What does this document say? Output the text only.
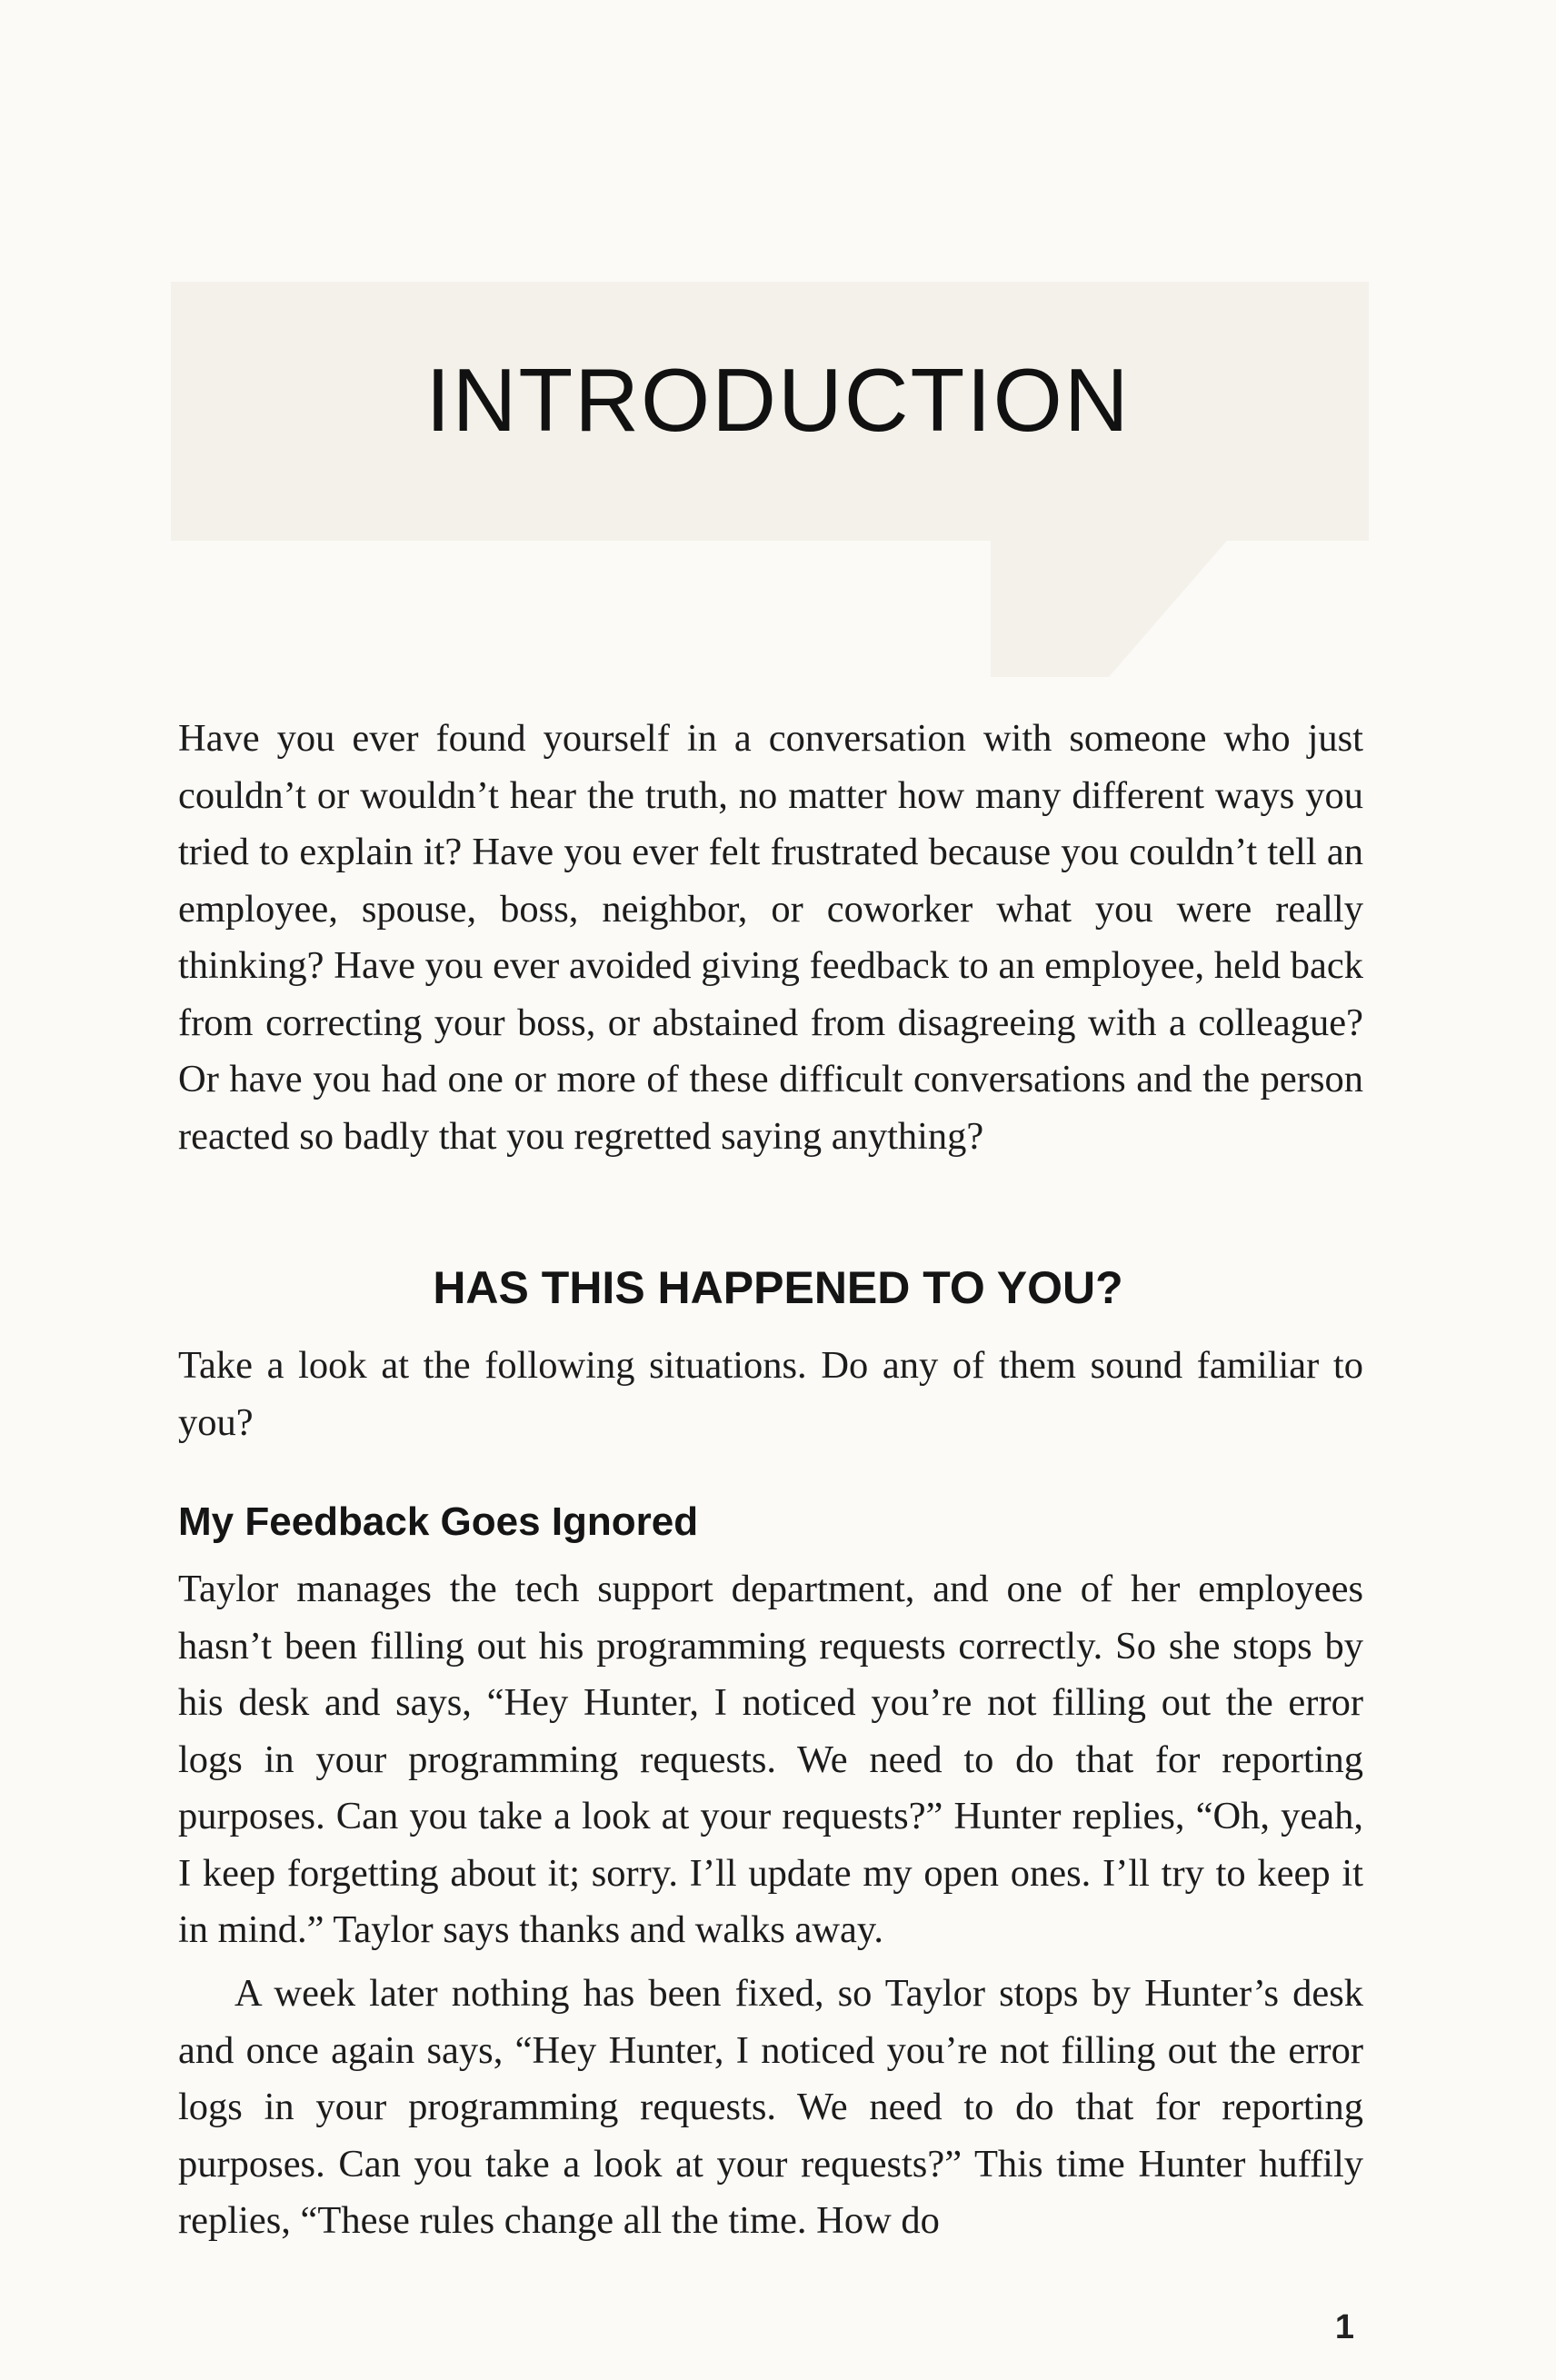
INTRODUCTION

Have you ever found yourself in a conversation with someone who just couldn’t or wouldn’t hear the truth, no matter how many different ways you tried to explain it? Have you ever felt frustrated because you couldn’t tell an employee, spouse, boss, neighbor, or coworker what you were really thinking? Have you ever avoided giving feedback to an employee, held back from correcting your boss, or abstained from disagreeing with a colleague? Or have you had one or more of these difficult conversations and the person reacted so badly that you regretted saying anything?

HAS THIS HAPPENED TO YOU?

Take a look at the following situations. Do any of them sound familiar to you?

My Feedback Goes Ignored

Taylor manages the tech support department, and one of her employees hasn’t been filling out his programming requests correctly. So she stops by his desk and says, “Hey Hunter, I noticed you’re not filling out the error logs in your programming requests. We need to do that for reporting purposes. Can you take a look at your requests?” Hunter replies, “Oh, yeah, I keep forgetting about it; sorry. I’ll update my open ones. I’ll try to keep it in mind.” Taylor says thanks and walks away.

A week later nothing has been fixed, so Taylor stops by Hunter’s desk and once again says, “Hey Hunter, I noticed you’re not filling out the error logs in your programming requests. We need to do that for reporting purposes. Can you take a look at your requests?” This time Hunter huffily replies, “These rules change all the time. How do

1
